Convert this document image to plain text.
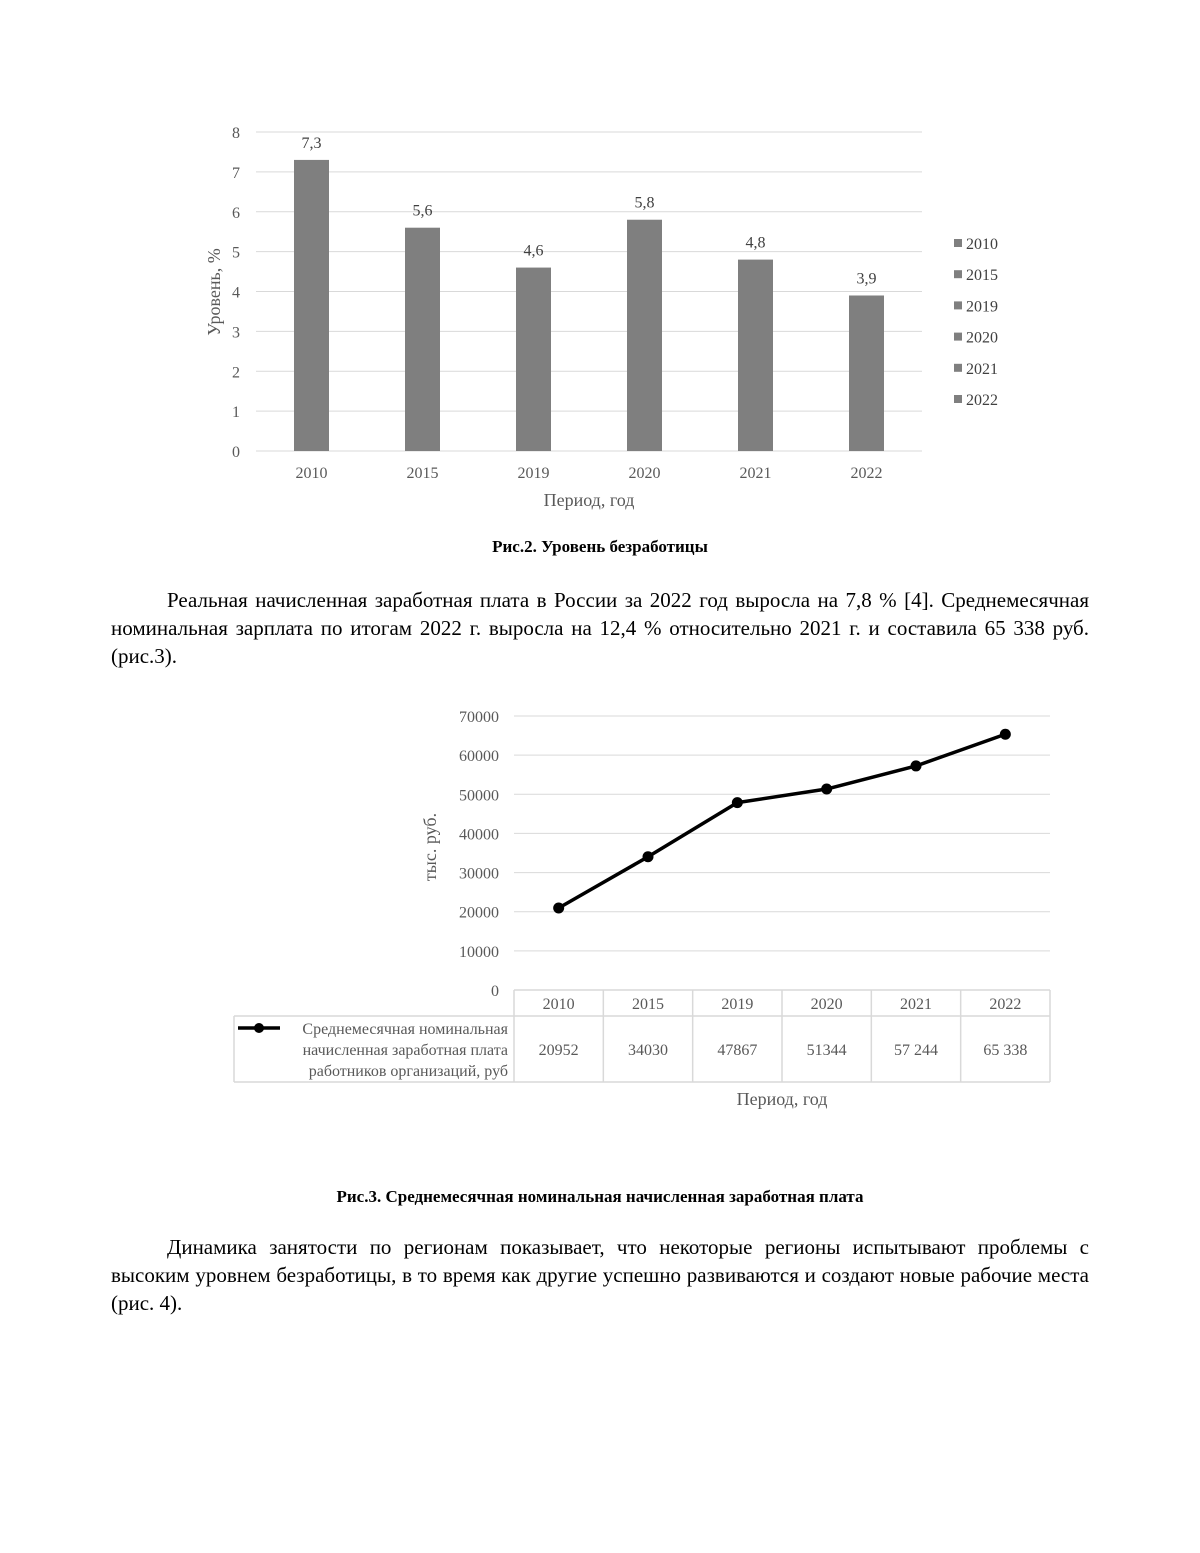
0
1
2
3
4
5
6
7
8
7,3
5,6
4,6
5,8
4,8
3,9
2010	2015	2019	2020	2021	2022
2010
2015
2019
2020
2021
2022
Уровень, %
Период, год
Рис.2. Уровень безработицы

Реальная начисленная заработная плата в России за 2022 год выросла на 7,8 % [4]. Среднемесячная номинальная зарплата по итогам 2022 г. выросла на 12,4 % относительно 2021 г. и составила 65 338 руб. (рис.3).

0
10000
20000
30000
40000
50000
60000
70000
2010
20952
2015
34030
2019
47867
2020
51344
2021
57 244
2022
65 338
Среднемесячная номинальная
начисленная заработная плата
работников организаций, руб
тыс. руб.
Период, год
Рис.3. Среднемесячная номинальная начисленная заработная плата

Динамика занятости по регионам показывает, что некоторые регионы испытывают проблемы с высоким уровнем безработицы, в то время как другие успешно развиваются и создают новые рабочие места (рис. 4).
